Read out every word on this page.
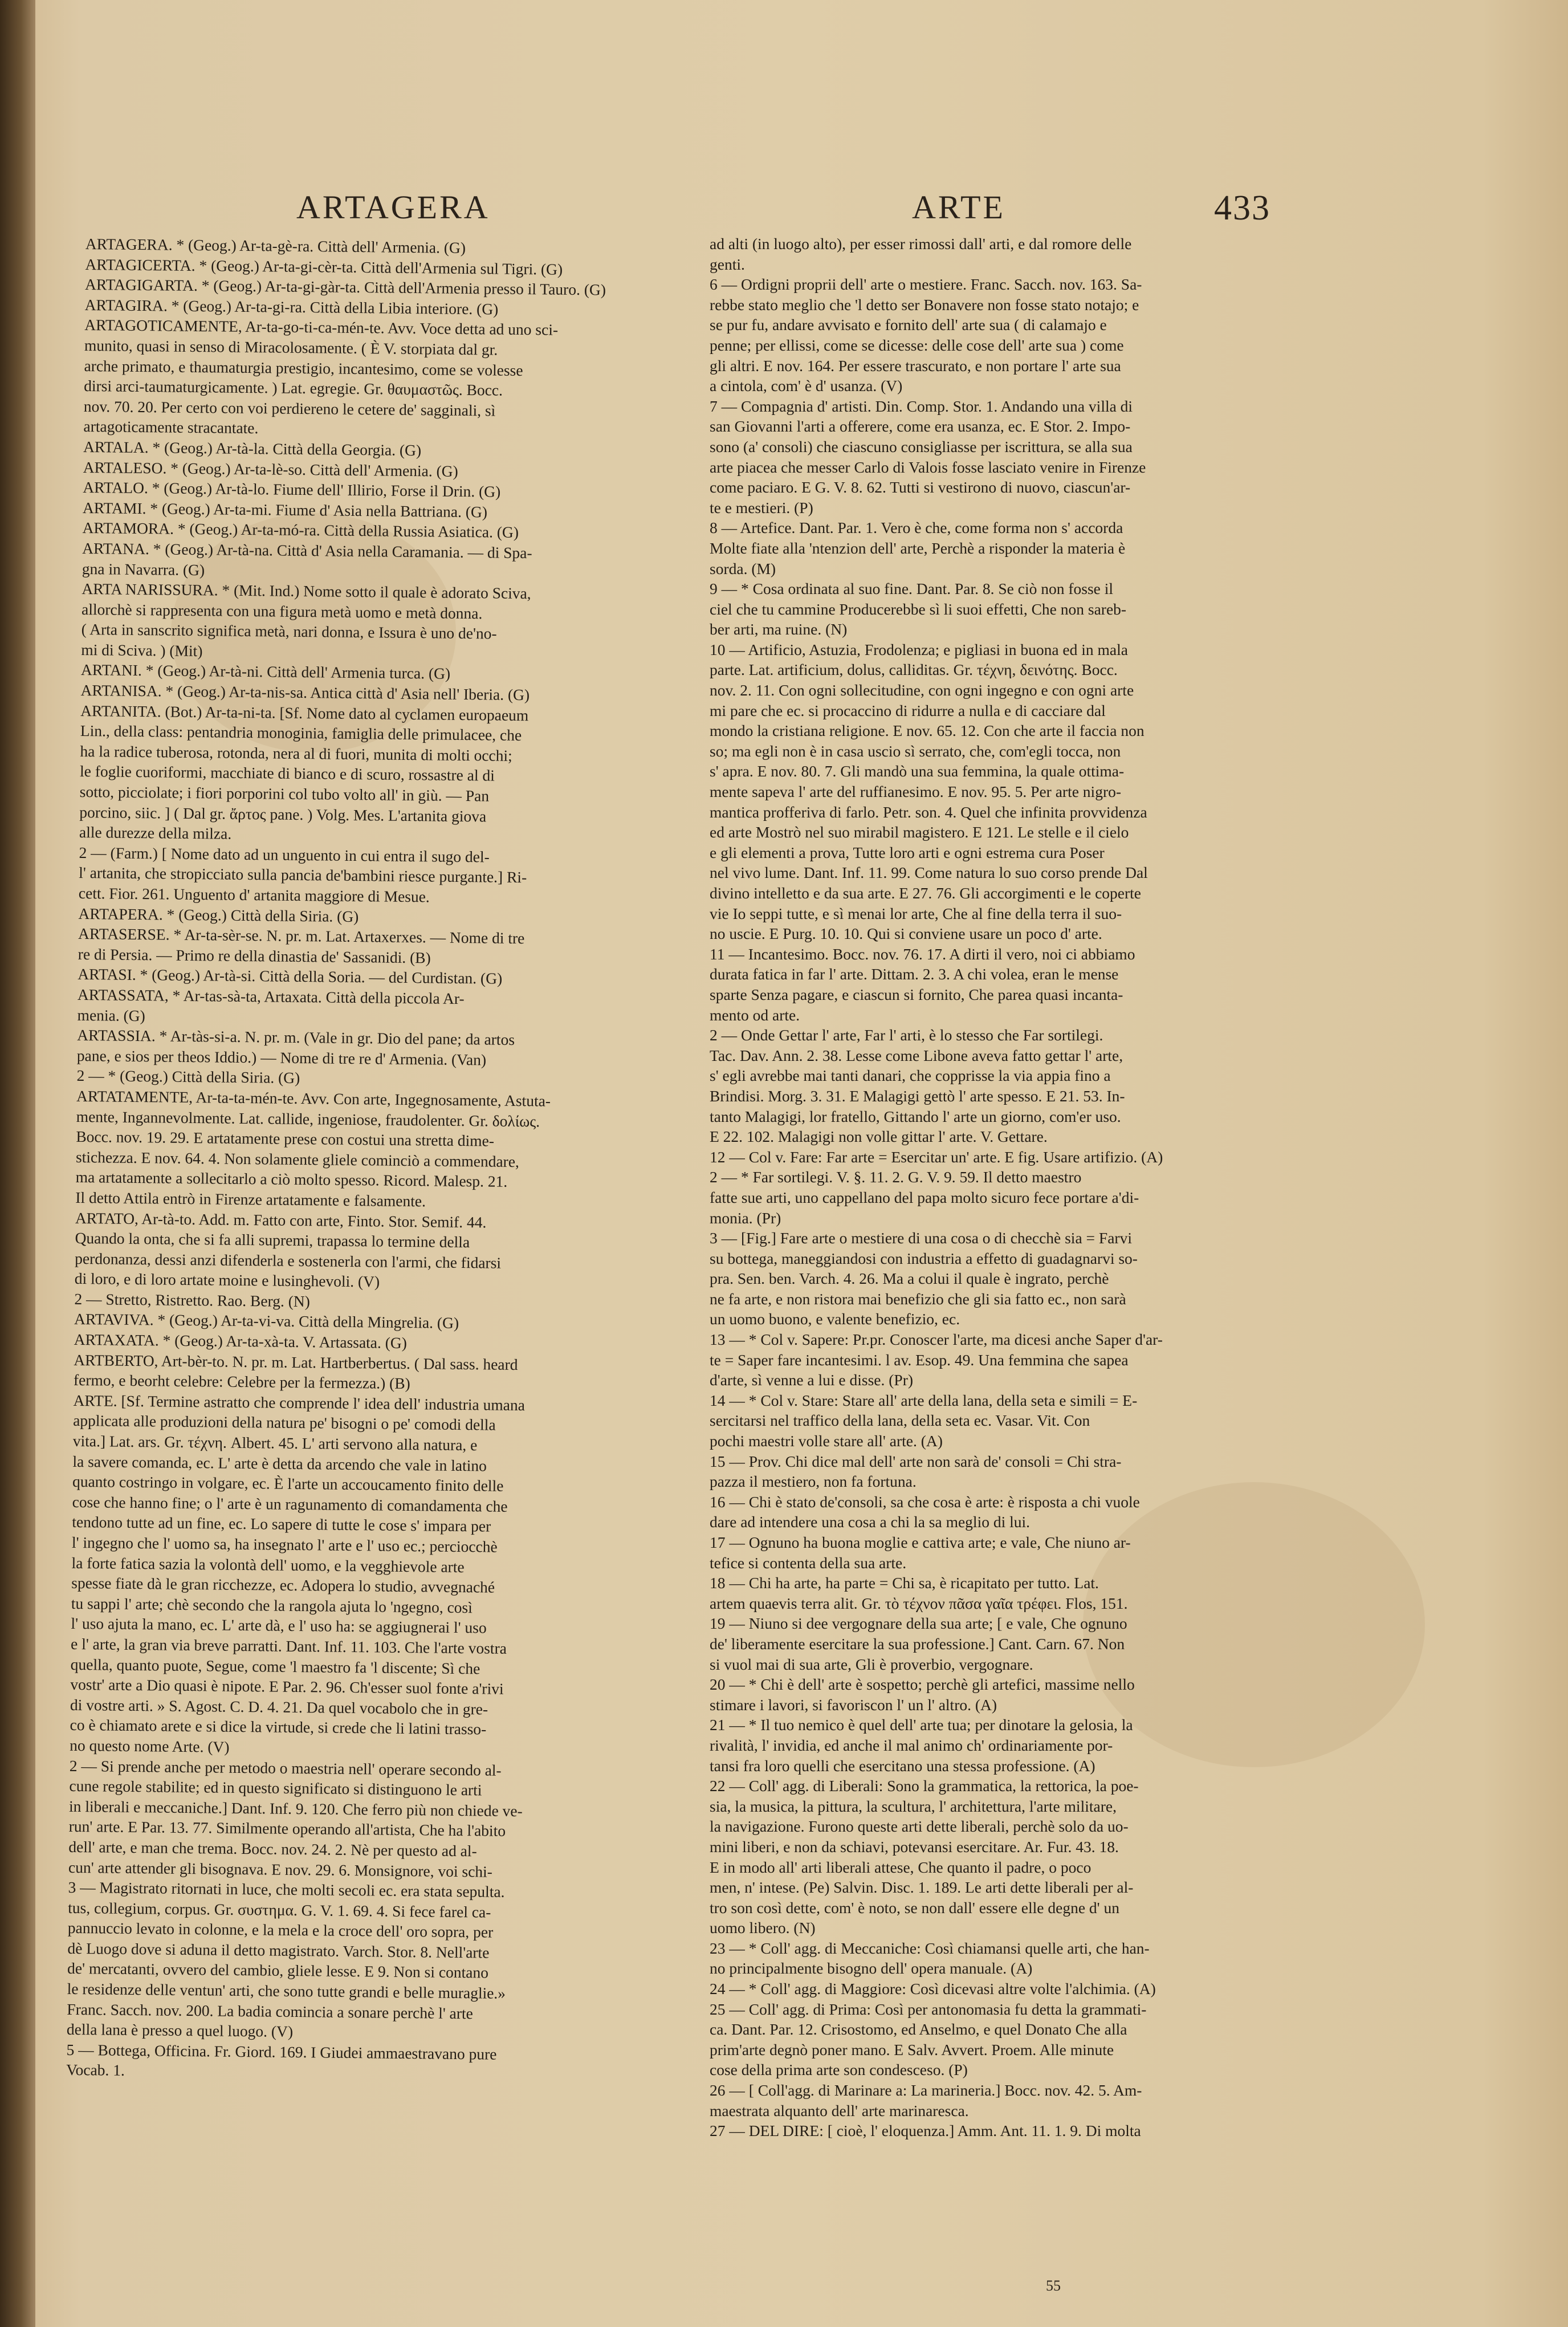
ARTAGERA	ARTE	433
ARTAGERA. * (Geog.) Ar-ta-gè-ra. Città dell' Armenia. (G)
ARTAGICERTA. * (Geog.) Ar-ta-gi-cèr-ta. Città dell'Armenia sul Tigri. (G)
ARTAGIGARTA. * (Geog.) Ar-ta-gi-gàr-ta. Città dell'Armenia presso il Tauro. (G)
ARTAGIRA. * (Geog.) Ar-ta-gi-ra. Città della Libia interiore. (G)
ARTAGOTICAMENTE, Ar-ta-go-ti-ca-mén-te. Avv. Voce detta ad uno sci-
munito, quasi in senso di Miracolosamente. ( È V. storpiata dal gr.
arche primato, e thaumaturgia prestigio, incantesimo, come se volesse
dirsi arci-taumaturgicamente. ) Lat. egregie. Gr. θαυμαστῶς. Bocc.
nov. 70. 20. Per certo con voi perdiereno le cetere de' sagginali, sì
artagoticamente stracantate.
ARTALA. * (Geog.) Ar-tà-la. Città della Georgia. (G)
ARTALESO. * (Geog.) Ar-ta-lè-so. Città dell' Armenia. (G)
ARTALO. * (Geog.) Ar-tà-lo. Fiume dell' Illirio, Forse il Drin. (G)
ARTAMI. * (Geog.) Ar-ta-mi. Fiume d' Asia nella Battriana. (G)
ARTAMORA. * (Geog.) Ar-ta-mó-ra. Città della Russia Asiatica. (G)
ARTANA. * (Geog.) Ar-tà-na. Città d' Asia nella Caramania. — di Spa-
gna in Navarra. (G)
ARTA NARISSURA. * (Mit. Ind.) Nome sotto il quale è adorato Sciva,
allorchè si rappresenta con una figura metà uomo e metà donna.
( Arta in sanscrito significa metà, nari donna, e Issura è uno de'no-
mi di Sciva. ) (Mit)
ARTANI. * (Geog.) Ar-tà-ni. Città dell' Armenia turca. (G)
ARTANISA. * (Geog.) Ar-ta-nis-sa. Antica città d' Asia nell' Iberia. (G)
ARTANITA. (Bot.) Ar-ta-ni-ta. [Sf. Nome dato al cyclamen europaeum
Lin., della class: pentandria monoginia, famiglia delle primulacee, che
ha la radice tuberosa, rotonda, nera al di fuori, munita di molti occhi;
le foglie cuoriformi, macchiate di bianco e di scuro, rossastre al di
sotto, picciolate; i fiori porporini col tubo volto all' in giù. — Pan
porcino, siic. ] ( Dal gr. ἄρτος pane. ) Volg. Mes. L'artanita giova
alle durezze della milza.
2 — (Farm.) [ Nome dato ad un unguento in cui entra il sugo del-
l' artanita, che stropicciato sulla pancia de'bambini riesce purgante.] Ri-
cett. Fior. 261. Unguento d' artanita maggiore di Mesue.
ARTAPERA. * (Geog.) Città della Siria. (G)
ARTASERSE. * Ar-ta-sèr-se. N. pr. m. Lat. Artaxerxes. — Nome di tre
re di Persia. — Primo re della dinastia de' Sassanidi. (B)
ARTASI. * (Geog.) Ar-tà-si. Città della Soria. — del Curdistan. (G)
ARTASSATA, * Ar-tas-sà-ta, Artaxata. Città della piccola Ar-
menia. (G)
ARTASSIA. * Ar-tàs-si-a. N. pr. m. (Vale in gr. Dio del pane; da artos
pane, e sios per theos Iddio.) — Nome di tre re d' Armenia. (Van)
2 — * (Geog.) Città della Siria. (G)
ARTATAMENTE, Ar-ta-ta-mén-te. Avv. Con arte, Ingegnosamente, Astuta-
mente, Ingannevolmente. Lat. callide, ingeniose, fraudolenter. Gr. δολίως.
Bocc. nov. 19. 29. E artatamente prese con costui una stretta dime-
stichezza. E nov. 64. 4. Non solamente gliele cominciò a commendare,
ma artatamente a sollecitarlo a ciò molto spesso. Ricord. Malesp. 21.
Il detto Attila entrò in Firenze artatamente e falsamente.
ARTATO, Ar-tà-to. Add. m. Fatto con arte, Finto. Stor. Semif. 44.
Quando la onta, che si fa alli supremi, trapassa lo termine della
perdonanza, dessi anzi difenderla e sostenerla con l'armi, che fidarsi
di loro, e di loro artate moine e lusinghevoli. (V)
2 — Stretto, Ristretto. Rao. Berg. (N)
ARTAVIVA. * (Geog.) Ar-ta-vi-va. Città della Mingrelia. (G)
ARTAXATA. * (Geog.) Ar-ta-xà-ta. V. Artassata. (G)
ARTBERTO, Art-bèr-to. N. pr. m. Lat. Hartberbertus. ( Dal sass. heard
fermo, e beorht celebre: Celebre per la fermezza.) (B)
ARTE. [Sf. Termine astratto che comprende l' idea dell' industria umana
applicata alle produzioni della natura pe' bisogni o pe' comodi della
vita.] Lat. ars. Gr. τέχνη. Albert. 45. L' arti servono alla natura, e
la savere comanda, ec. L' arte è detta da arcendo che vale in latino
quanto costringo in volgare, ec. È l'arte un accoucamento finito delle
cose che hanno fine; o l' arte è un ragunamento di comandamenta che
tendono tutte ad un fine, ec. Lo sapere di tutte le cose s' impara per
l' ingegno che l' uomo sa, ha insegnato l' arte e l' uso ec.; perciocchè
la forte fatica sazia la volontà dell' uomo, e la vegghievole arte
spesse fiate dà le gran ricchezze, ec. Adopera lo studio, avvegnaché
tu sappi l' arte; chè secondo che la rangola ajuta lo 'ngegno, così
l' uso ajuta la mano, ec. L' arte dà, e l' uso ha: se aggiugnerai l' uso
e l' arte, la gran via breve parratti. Dant. Inf. 11. 103. Che l'arte vostra
quella, quanto puote, Segue, come 'l maestro fa 'l discente; Sì che
vostr' arte a Dio quasi è nipote. E Par. 2. 96. Ch'esser suol fonte a'rivi
di vostre arti. » S. Agost. C. D. 4. 21. Da quel vocabolo che in gre-
co è chiamato arete e si dice la virtude, si crede che li latini trasso-
no questo nome Arte. (V)
2 — Si prende anche per metodo o maestria nell' operare secondo al-
cune regole stabilite; ed in questo significato si distinguono le arti
in liberali e meccaniche.] Dant. Inf. 9. 120. Che ferro più non chiede ve-
run' arte. E Par. 13. 77. Similmente operando all'artista, Che ha l'abito
dell' arte, e man che trema. Bocc. nov. 24. 2. Nè per questo ad al-
cun' arte attender gli bisognava. E nov. 29. 6. Monsignore, voi schi-
3 — Magistrato ritornati in luce, che molti secoli ec. era stata sepulta.
tus, collegium, corpus. Gr. συστημα. G. V. 1. 69. 4. Si fece farel ca-
pannuccio levato in colonne, e la mela e la croce dell' oro sopra, per
dè Luogo dove si aduna il detto magistrato. Varch. Stor. 8. Nell'arte
de' mercatanti, ovvero del cambio, gliele lesse. E 9. Non si contano
le residenze delle ventun' arti, che sono tutte grandi e belle muraglie.»
Franc. Sacch. nov. 200. La badia comincia a sonare perchè l' arte
della lana è presso a quel luogo. (V)
5 — Bottega, Officina. Fr. Giord. 169. I Giudei ammaestravano pure
Vocab. 1.
ad alti (in luogo alto), per esser rimossi dall' arti, e dal romore delle
genti.
6 — Ordigni proprii dell' arte o mestiere. Franc. Sacch. nov. 163. Sa-
rebbe stato meglio che 'l detto ser Bonavere non fosse stato notajo; e
se pur fu, andare avvisato e fornito dell' arte sua ( di calamajo e
penne; per ellissi, come se dicesse: delle cose dell' arte sua ) come
gli altri. E nov. 164. Per essere trascurato, e non portare l' arte sua
a cintola, com' è d' usanza. (V)
7 — Compagnia d' artisti. Din. Comp. Stor. 1. Andando una villa di
san Giovanni l'arti a offerere, come era usanza, ec. E Stor. 2. Impo-
sono (a' consoli) che ciascuno consigliasse per iscrittura, se alla sua
arte piacea che messer Carlo di Valois fosse lasciato venire in Firenze
come paciaro. E G. V. 8. 62. Tutti si vestirono di nuovo, ciascun'ar-
te e mestieri. (P)
8 — Artefice. Dant. Par. 1. Vero è che, come forma non s' accorda
Molte fiate alla 'ntenzion dell' arte, Perchè a risponder la materia è
sorda. (M)
9 — * Cosa ordinata al suo fine. Dant. Par. 8. Se ciò non fosse il
ciel che tu cammine Producerebbe sì li suoi effetti, Che non sareb-
ber arti, ma ruine. (N)
10 — Artificio, Astuzia, Frodolenza; e pigliasi in buona ed in mala
parte. Lat. artificium, dolus, calliditas. Gr. τέχνη, δεινότης. Bocc.
nov. 2. 11. Con ogni sollecitudine, con ogni ingegno e con ogni arte
mi pare che ec. si procaccino di ridurre a nulla e di cacciare dal
mondo la cristiana religione. E nov. 65. 12. Con che arte il faccia non
so; ma egli non è in casa uscio sì serrato, che, com'egli tocca, non
s' apra. E nov. 80. 7. Gli mandò una sua femmina, la quale ottima-
mente sapeva l' arte del ruffianesimo. E nov. 95. 5. Per arte nigro-
mantica profferiva di farlo. Petr. son. 4. Quel che infinita provvidenza
ed arte Mostrò nel suo mirabil magistero. E 121. Le stelle e il cielo
e gli elementi a prova, Tutte loro arti e ogni estrema cura Poser
nel vivo lume. Dant. Inf. 11. 99. Come natura lo suo corso prende Dal
divino intelletto e da sua arte. E 27. 76. Gli accorgimenti e le coperte
vie Io seppi tutte, e sì menai lor arte, Che al fine della terra il suo-
no uscie. E Purg. 10. 10. Qui si conviene usare un poco d' arte.
11 — Incantesimo. Bocc. nov. 76. 17. A dirti il vero, noi ci abbiamo
durata fatica in far l' arte. Dittam. 2. 3. A chi volea, eran le mense
sparte Senza pagare, e ciascun si fornito, Che parea quasi incanta-
mento od arte.
2 — Onde Gettar l' arte, Far l' arti, è lo stesso che Far sortilegi.
Tac. Dav. Ann. 2. 38. Lesse come Libone aveva fatto gettar l' arte,
s' egli avrebbe mai tanti danari, che copprisse la via appia fino a
Brindisi. Morg. 3. 31. E Malagigi gettò l' arte spesso. E 21. 53. In-
tanto Malagigi, lor fratello, Gittando l' arte un giorno, com'er uso.
E 22. 102. Malagigi non volle gittar l' arte. V. Gettare.
12 — Col v. Fare: Far arte = Esercitar un' arte. E fig. Usare artifizio. (A)
2 — * Far sortilegi. V. §. 11. 2. G. V. 9. 59. Il detto maestro
fatte sue arti, uno cappellano del papa molto sicuro fece portare a'di-
monia. (Pr)
3 — [Fig.] Fare arte o mestiere di una cosa o di checchè sia = Farvi
su bottega, maneggiandosi con industria a effetto di guadagnarvi so-
pra. Sen. ben. Varch. 4. 26. Ma a colui il quale è ingrato, perchè
ne fa arte, e non ristora mai benefizio che gli sia fatto ec., non sarà
un uomo buono, e valente benefizio, ec.
13 — * Col v. Sapere: Pr.pr. Conoscer l'arte, ma dicesi anche Saper d'ar-
te = Saper fare incantesimi. l av. Esop. 49. Una femmina che sapea
d'arte, sì venne a lui e disse. (Pr)
14 — * Col v. Stare: Stare all' arte della lana, della seta e simili = E-
sercitarsi nel traffico della lana, della seta ec. Vasar. Vit. Con
pochi maestri volle stare all' arte. (A)
15 — Prov. Chi dice mal dell' arte non sarà de' consoli = Chi stra-
pazza il mestiero, non fa fortuna.
16 — Chi è stato de'consoli, sa che cosa è arte: è risposta a chi vuole
dare ad intendere una cosa a chi la sa meglio di lui.
17 — Ognuno ha buona moglie e cattiva arte; e vale, Che niuno ar-
tefice si contenta della sua arte.
18 — Chi ha arte, ha parte = Chi sa, è ricapitato per tutto. Lat.
artem quaevis terra alit. Gr. τὸ τέχνον πᾶσα γαῖα τρέφει. Flos, 151.
19 — Niuno si dee vergognare della sua arte; [ e vale, Che ognuno
de' liberamente esercitare la sua professione.] Cant. Carn. 67. Non
si vuol mai di sua arte, Gli è proverbio, vergognare.
20 — * Chi è dell' arte è sospetto; perchè gli artefici, massime nello
stimare i lavori, si favoriscon l' un l' altro. (A)
21 — * Il tuo nemico è quel dell' arte tua; per dinotare la gelosia, la
rivalità, l' invidia, ed anche il mal animo ch' ordinariamente por-
tansi fra loro quelli che esercitano una stessa professione. (A)
22 — Coll' agg. di Liberali: Sono la grammatica, la rettorica, la poe-
sia, la musica, la pittura, la scultura, l' architettura, l'arte militare,
la navigazione. Furono queste arti dette liberali, perchè solo da uo-
mini liberi, e non da schiavi, potevansi esercitare. Ar. Fur. 43. 18.
E in modo all' arti liberali attese, Che quanto il padre, o poco
men, n' intese. (Pe) Salvin. Disc. 1. 189. Le arti dette liberali per al-
tro son così dette, com' è noto, se non dall' essere elle degne d' un
uomo libero. (N)
23 — * Coll' agg. di Meccaniche: Così chiamansi quelle arti, che han-
no principalmente bisogno dell' opera manuale. (A)
24 — * Coll' agg. di Maggiore: Così dicevasi altre volte l'alchimia. (A)
25 — Coll' agg. di Prima: Così per antonomasia fu detta la grammati-
ca. Dant. Par. 12. Crisostomo, ed Anselmo, e quel Donato Che alla
prim'arte degnò poner mano. E Salv. Avvert. Proem. Alle minute
cose della prima arte son condesceso. (P)
26 — [ Coll'agg. di Marinare a: La marineria.] Bocc. nov. 42. 5. Am-
maestrata alquanto dell' arte marinaresca.
27 — DEL DIRE: [ cioè, l' eloquenza.] Amm. Ant. 11. 1. 9. Di molta
55
